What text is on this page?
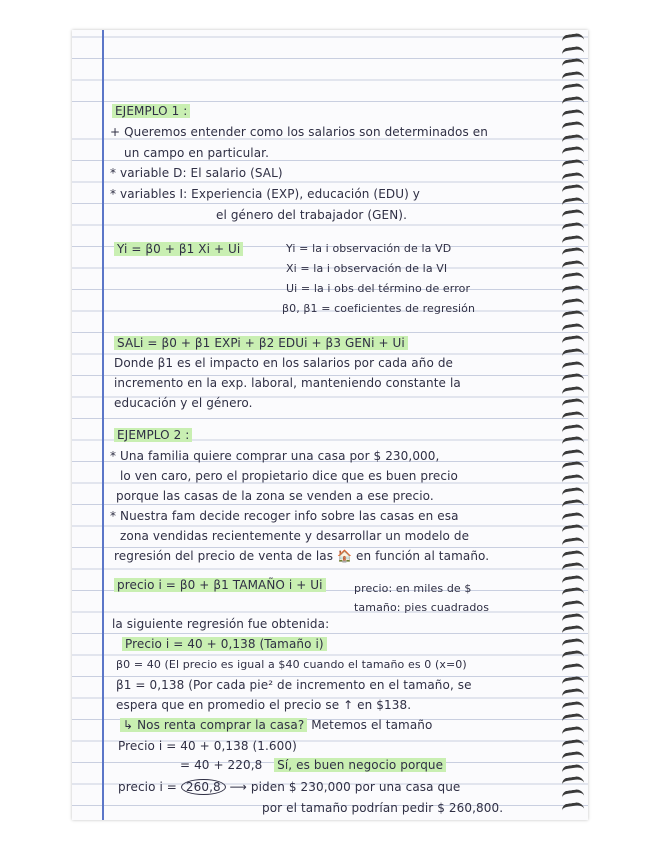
EJEMPLO 1 :
+ Queremos entender como los salarios son determinados en
un campo en particular.
* variable D: El salario (SAL)
* variables I: Experiencia (EXP), educación (EDU) y
el género del trabajador (GEN).
Yi = β0 + β1 Xi + Ui	Yi = la i observación de la VD
Xi = la i observación de la VI
Ui = la i obs del término de error
β0, β1 = coeficientes de regresión
SALi = β0 + β1 EXPi + β2 EDUi + β3 GENi + Ui
Donde β1 es el impacto en los salarios por cada año de
incremento en la exp. laboral, manteniendo constante la
educación y el género.
EJEMPLO 2 :
* Una familia quiere comprar una casa por $ 230,000,
lo ven caro, pero el propietario dice que es buen precio
porque las casas de la zona se venden a ese precio.
* Nuestra fam decide recoger info sobre las casas en esa
zona vendidas recientemente y desarrollar un modelo de
regresión del precio de venta de las 🏠 en función al tamaño.
precio i = β0 + β1 TAMAÑO i + Ui	precio: en miles de $
tamaño: pies cuadrados
la siguiente regresión fue obtenida:
Precio i = 40 + 0,138 (Tamaño i)
β0 = 40 (El precio es igual a $40 cuando el tamaño es 0 (x=0)
β1 = 0,138 (Por cada pie² de incremento en el tamaño, se
espera que en promedio el precio se ↑ en $138.
↳ Nos renta comprar la casa? Metemos el tamaño
Precio i = 40 + 0,138 (1.600)
= 40 + 220,8 Sí, es buen negocio porque
precio i = 260,8 ⟶ piden $ 230,000 por una casa que
por el tamaño podrían pedir $ 260,800.
